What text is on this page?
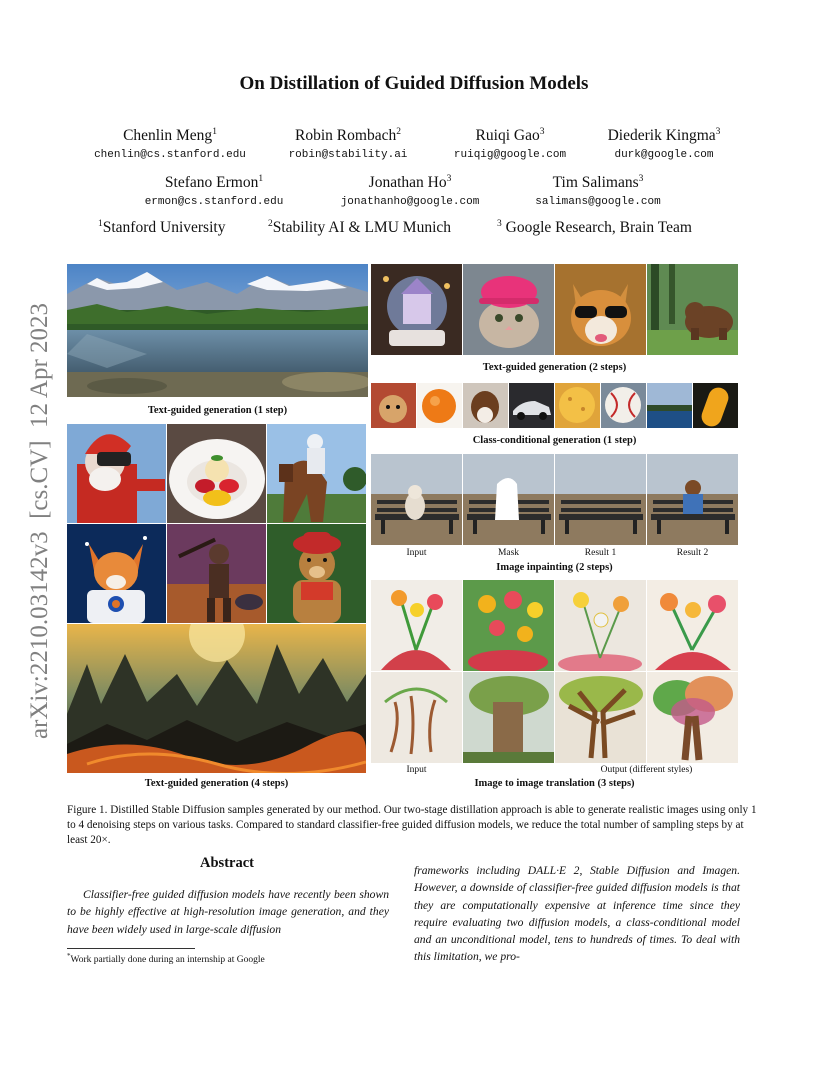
On Distillation of Guided Diffusion Models
Chenlin Meng$^1$
chenlin@cs.stanford.edu
Robin Rombach$^2$
robin@stability.ai
Ruiqi Gao$^3$
ruiqig@google.com
Diederik Kingma$^3$
durk@google.com
Stefano Ermon$^1$
ermon@cs.stanford.edu
Jonathan Ho$^3$
jonathanho@google.com
Tim Salimans$^3$
salimans@google.com
$^1$Stanford University	$^2$Stability AI & LMU Munich	$^3$ Google Research, Brain Team
arXiv:2210.03142v3  [cs.CV]  12 Apr 2023	Text-guided generation (1 step)
Text-guided generation (4 steps)
Text-guided generation (2 steps)
Class-conditional generation (1 step)
Input	Mask	Result 1	Result 2
Image inpainting (2 steps)
Input	Output (different styles)
Image to image translation (3 steps)
Figure 1. Distilled Stable Diffusion samples generated by our method. Our two-stage distillation approach is able to generate realistic images using only 1 to 4 denoising steps on various tasks. Compared to standard classifier-free guided diffusion models, we reduce the total number of sampling steps by at least 20×.
Abstract
Classifier-free guided diffusion models have recently been shown to be highly effective at high-resolution image generation, and they have been widely used in large-scale diffusion
frameworks including DALL·E 2, Stable Diffusion and Imagen. However, a downside of classifier-free guided diffusion models is that they are computationally expensive at inference time since they require evaluating two diffusion models, a class-conditional model and an unconditional model, tens to hundreds of times. To deal with this limitation, we pro-
*Work partially done during an internship at Google
